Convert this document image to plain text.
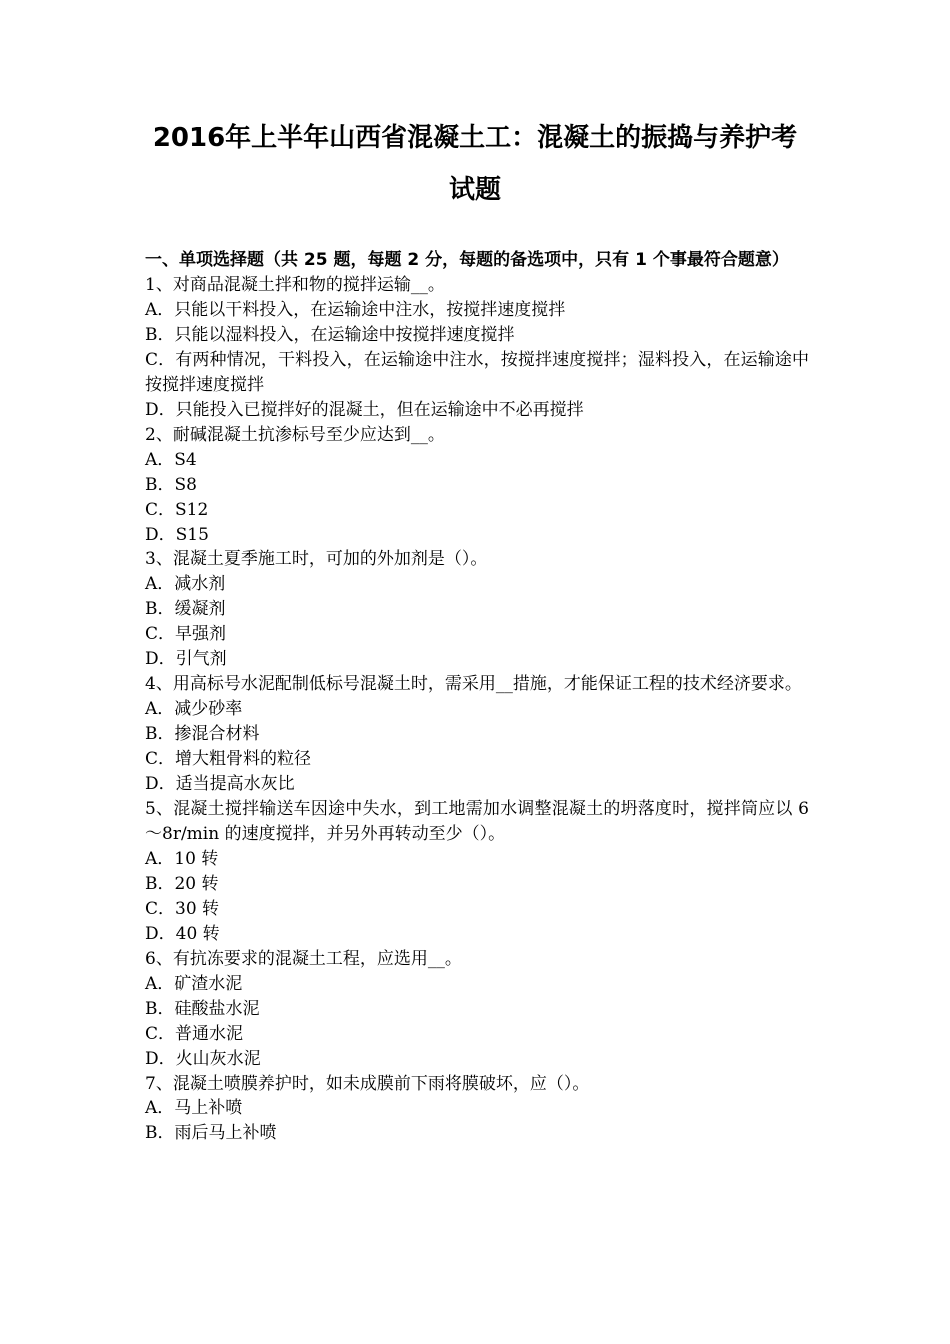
2016年上半年山西省混凝土工：混凝土的振捣与养护考试题
一、单项选择题（共 25 题，每题 2 分，每题的备选项中，只有 1 个事最符合题意）
1、对商品混凝土拌和物的搅拌运输__。
A．只能以干料投入，在运输途中注水，按搅拌速度搅拌
B．只能以湿料投入，在运输途中按搅拌速度搅拌
C．有两种情况，干料投入，在运输途中注水，按搅拌速度搅拌；湿料投入，在运输途中按搅拌速度搅拌
D．只能投入已搅拌好的混凝土，但在运输途中不必再搅拌
2、耐碱混凝土抗渗标号至少应达到__。
A．S4
B．S8
C．S12
D．S15
3、混凝土夏季施工时，可加的外加剂是（）。
A．减水剂
B．缓凝剂
C．早强剂
D．引气剂
4、用高标号水泥配制低标号混凝土时，需采用__措施，才能保证工程的技术经济要求。
A．减少砂率
B．掺混合材料
C．增大粗骨料的粒径
D．适当提高水灰比
5、混凝土搅拌输送车因途中失水，到工地需加水调整混凝土的坍落度时，搅拌筒应以 6～8r/min 的速度搅拌，并另外再转动至少（）。
A．10 转
B．20 转
C．30 转
D．40 转
6、有抗冻要求的混凝土工程，应选用__。
A．矿渣水泥
B．硅酸盐水泥
C．普通水泥
D．火山灰水泥
7、混凝土喷膜养护时，如未成膜前下雨将膜破坏，应（）。
A．马上补喷
B．雨后马上补喷
